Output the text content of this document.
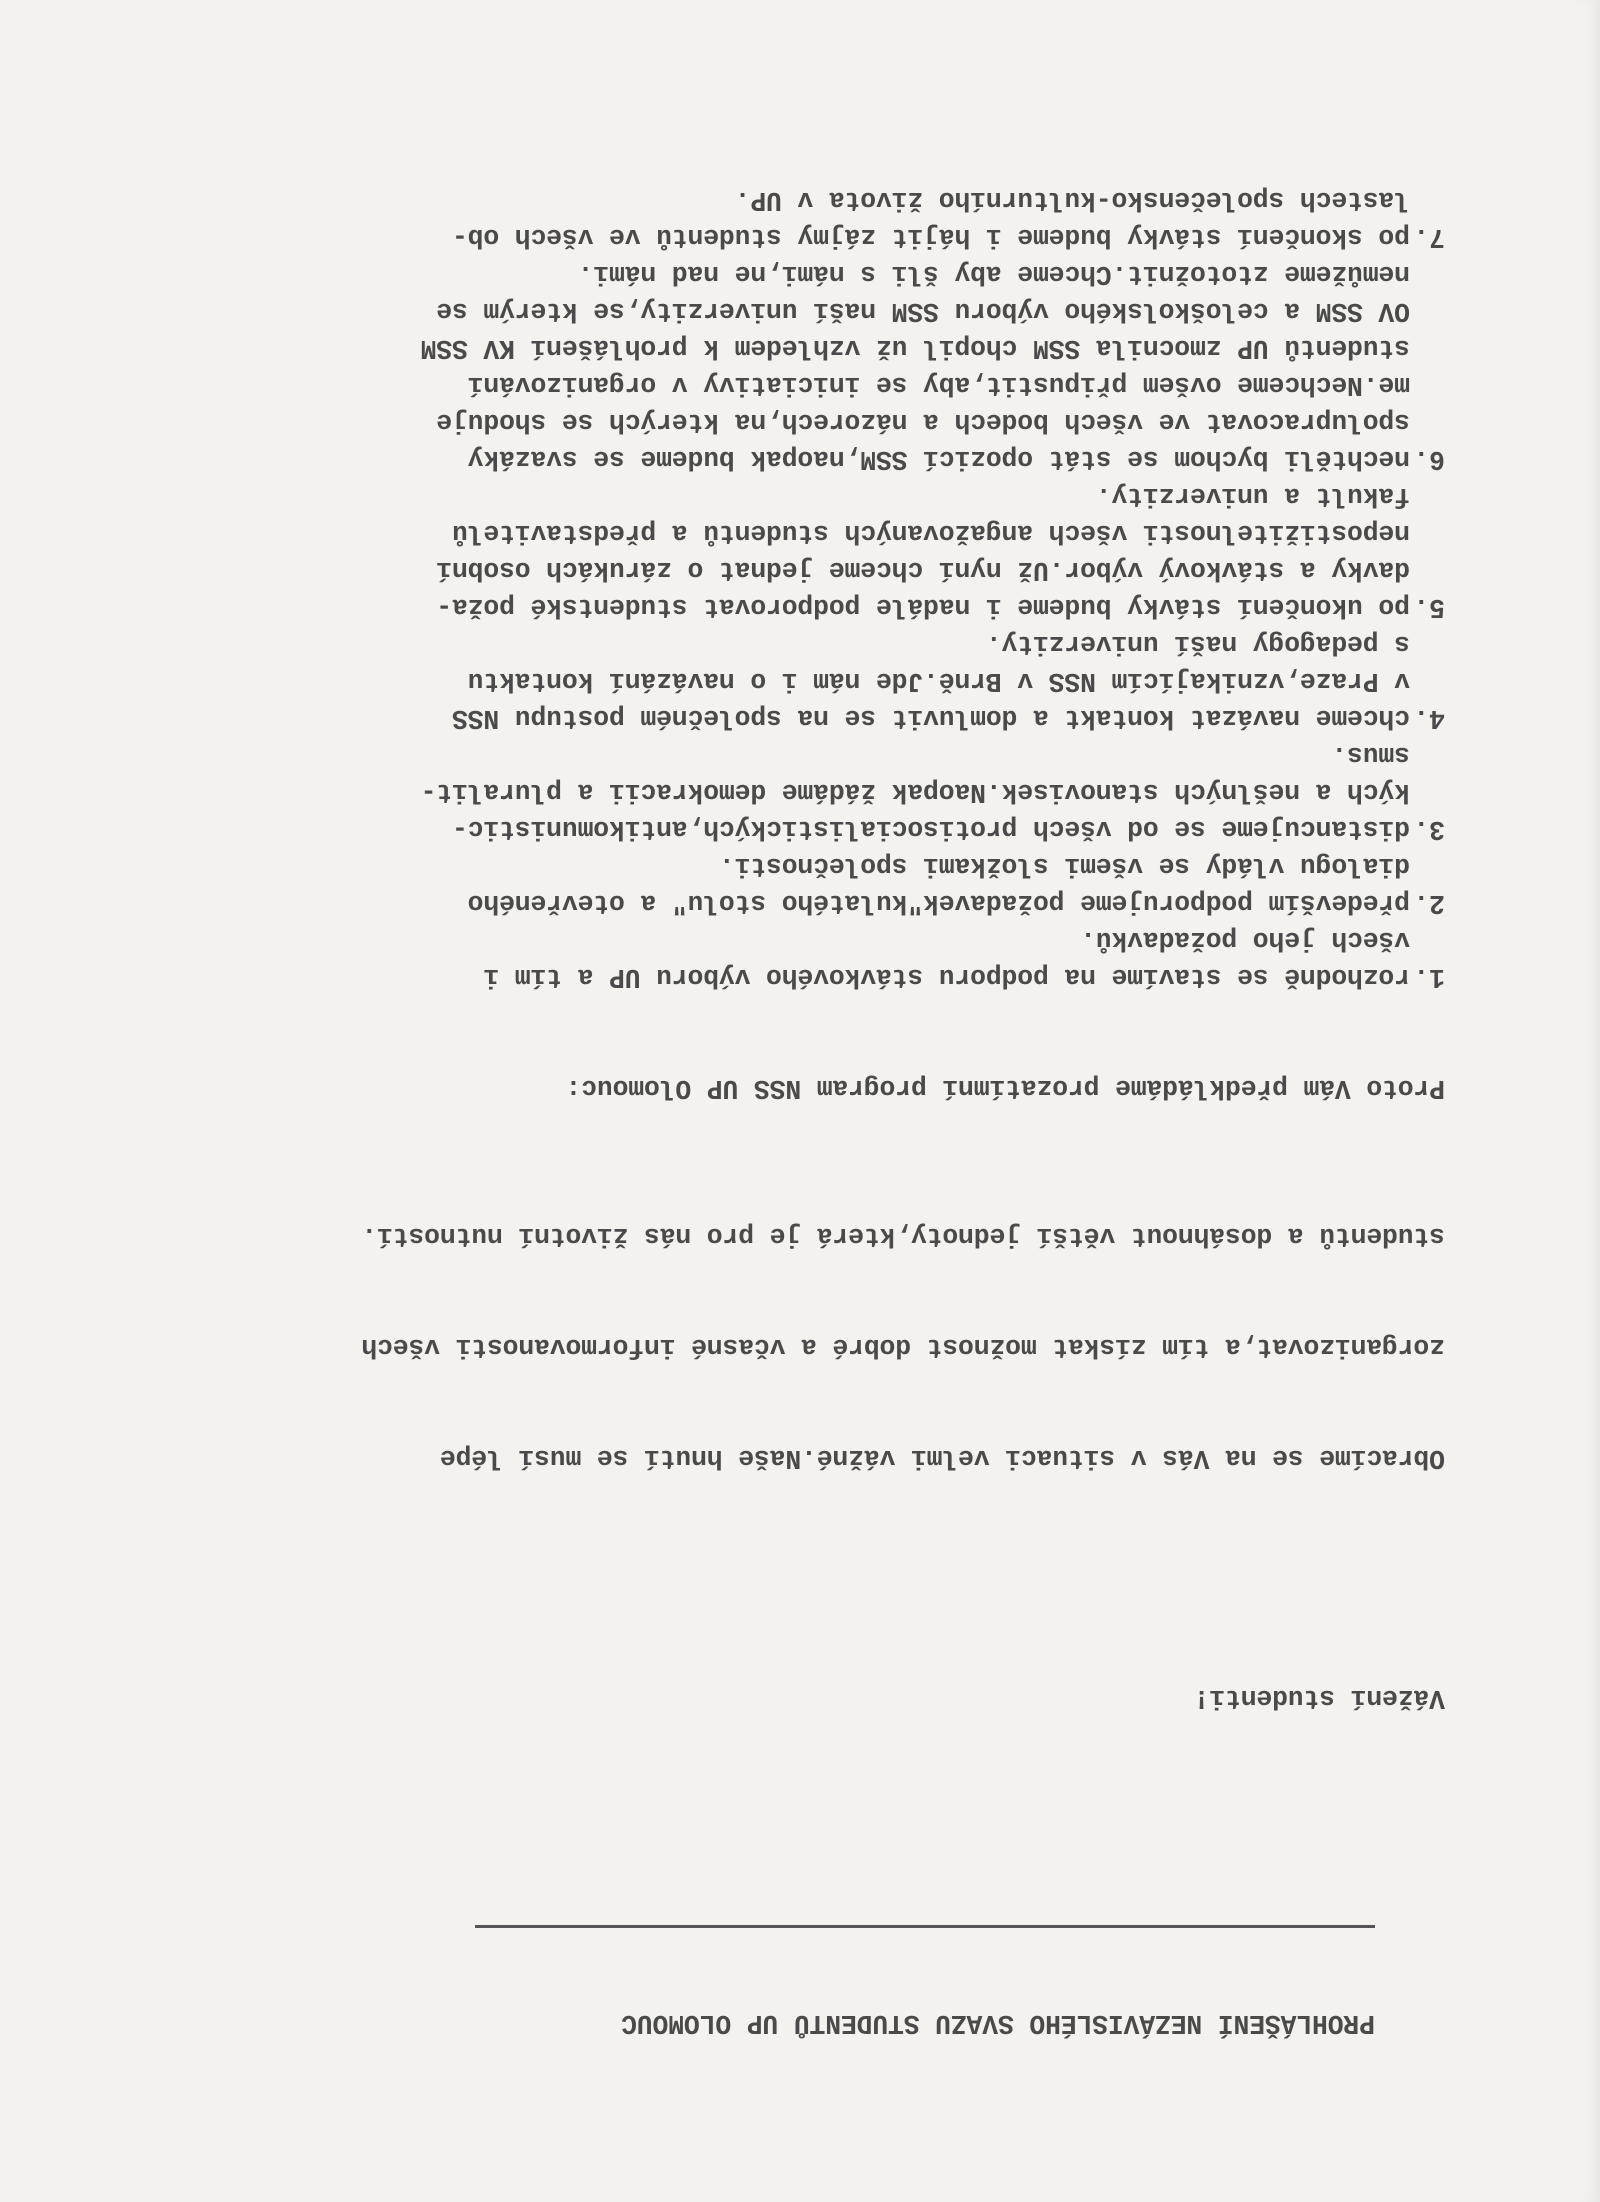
PROHLÁŠENÍ NEZÁVISLÉHO SVAZU STUDENTŮ UP OLOMOUC

Vážení studenti!

Obracíme se na Vás v situaci velmi vážné.Naše hnutí se musí lépe

zorganizovat,a tím získat možnost dobré a včasné informovanosti všech

studentů a dosáhnout větší jednoty,která je pro nás životní nutností.

Proto Vám předkládáme prozatímní program NSS UP Olomouc:

1.rozhodně se stavíme na podporu stávkového výboru UP a tím i
všech jeho požadavků.
2.především podporujeme požadavek"kulatého stolu" a otevřeného
dialogu vlády se všemi složkami společnosti.
3.distancujeme se od všech protisocialistických,antikomunistic-
kých a nešlných stanovisek.Naopak žádáme demokracii a pluralit-
smus.
4.chceme navázat kontakt a domluvit se na společném postupu NSS
v Praze,vznikajícím NSS v Brně.Jde nám i o navázání kontaktu
s pedagogy naší univerzity.
5.po ukončení stávky budeme i nadále podporovat studentské poža-
davky a stávkový výbor.Už nyní chceme jednat o zárukách osobní
nepostižitelnosti všech angažovaných studentů a představitelů
fakult a univerzity.
6.nechtěli bychom se stát opozicí SSM,naopak budeme se svazáky
spolupracovat ve všech bodech a názorech,na kterých se shoduje
me.Nechceme ovšem připustit,aby se iniciativy v organizování
studentů UP zmocnila SSM chopil už vzhledem k prohlášení KV SSM
OV SSM a celoškolského výboru SSM naší univerzity,se kterým se
nemůžeme ztotožnit.Chceme aby šli s námi,ne nad námi.
7.po skončení stávky budeme i hájit zájmy studentů ve všech ob-
lastech společensko-kulturního života v UP.
